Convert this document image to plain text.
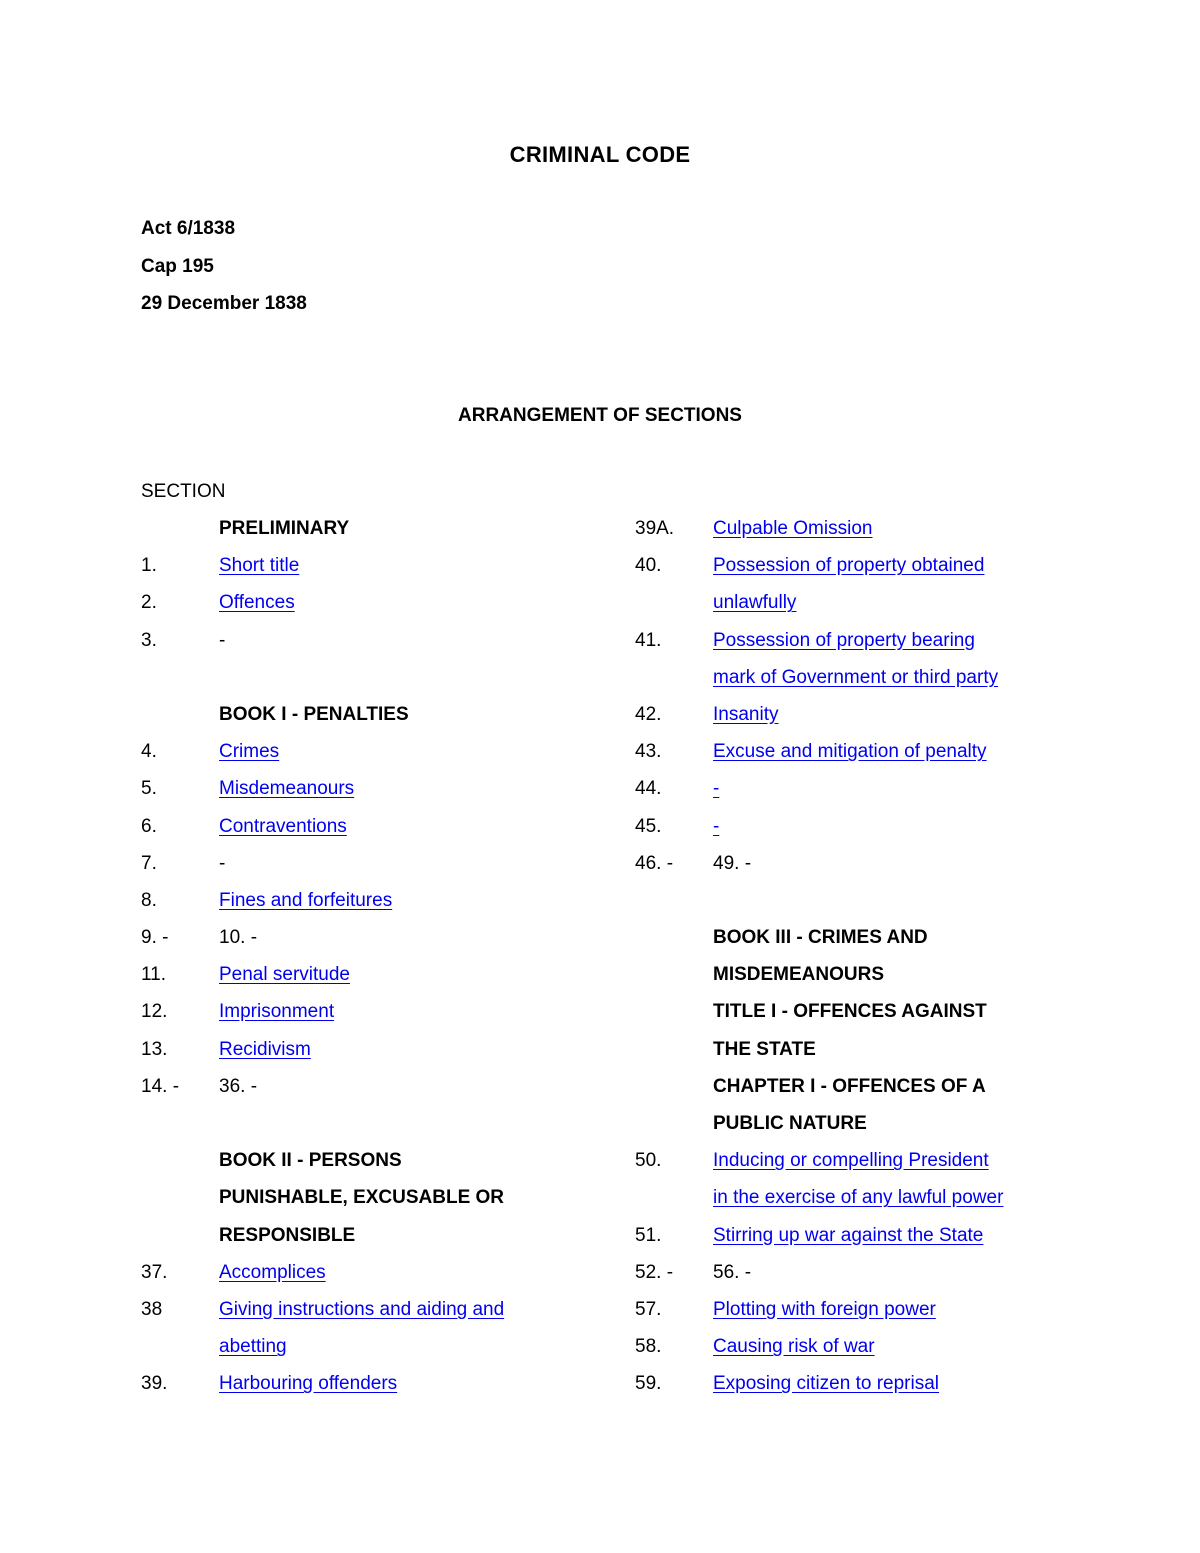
CRIMINAL CODE
Act 6/1838
Cap 195
29 December 1838
ARRANGEMENT OF SECTIONS
SECTION
PRELIMINARY
1.	Short title
2.	Offences
3.	-
BOOK I - PENALTIES
4.	Crimes
5.	Misdemeanours
6.	Contraventions
7.	-
8.	Fines and forfeitures
9. -	10. -
11.	Penal servitude
12.	Imprisonment
13.	Recidivism
14. - 36. -
BOOK II - PERSONS
PUNISHABLE, EXCUSABLE OR
RESPONSIBLE
37.	Accomplices
38	Giving instructions and aiding and
abetting
39.	Harbouring offenders
39A. Culpable Omission
40.	Possession of property obtained
unlawfully
41.	Possession of property bearing
mark of Government or third party
42.	Insanity
43.	Excuse and mitigation of penalty
44.	-
45.	-
46. - 49. -
BOOK III - CRIMES AND
MISDEMEANOURS
TITLE I - OFFENCES AGAINST
THE STATE
CHAPTER I - OFFENCES OF A
PUBLIC NATURE
50.	Inducing or compelling President
in the exercise of any lawful power
51.	Stirring up war against the State
52. - 56. -
57.	Plotting with foreign power
58.	Causing risk of war
59.	Exposing citizen to reprisal
